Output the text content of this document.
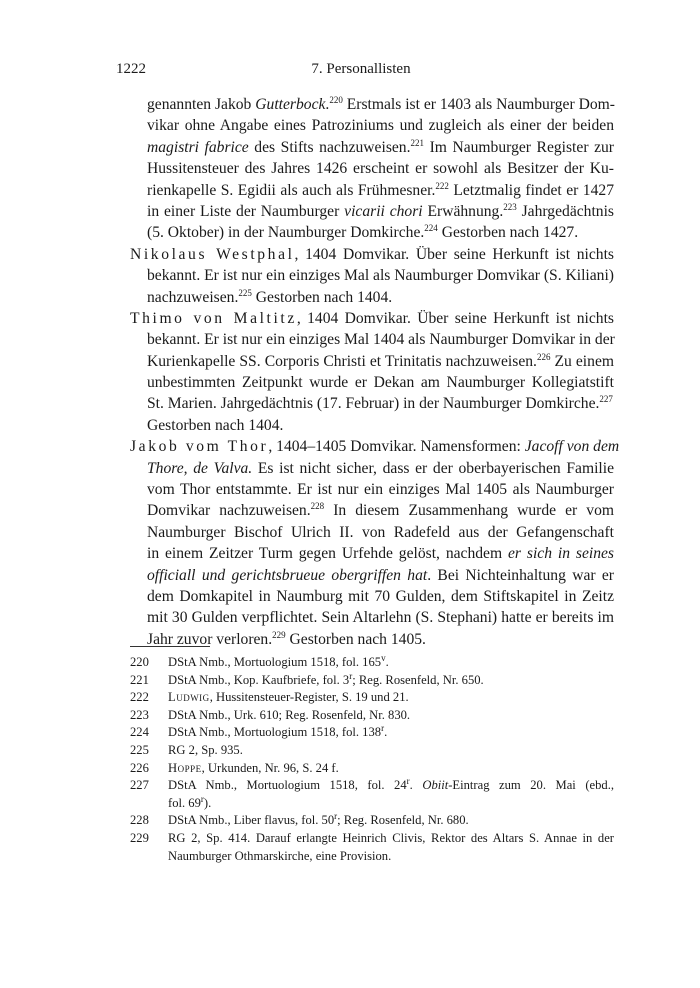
1222	7. Personallisten
genannten Jakob Gutterbock.$^{220}$ Erstmals ist er 1403 als Naumburger Dom-
vikar ohne Angabe eines Patroziniums und zugleich als einer der beiden
magistri fabrice des Stifts nachzuweisen.$^{221}$ Im Naumburger Register zur
Hussitensteuer des Jahres 1426 erscheint er sowohl als Besitzer der Ku-
rienkapelle S. Egidii als auch als Frühmesner.$^{222}$ Letztmalig findet er 1427
in einer Liste der Naumburger vicarii chori Erwähnung.$^{223}$ Jahrgedächtnis
(5. Oktober) in der Naumburger Domkirche.$^{224}$ Gestorben nach 1427.
Nikolaus Westphal, 1404 Domvikar. Über seine Herkunft ist nichts
bekannt. Er ist nur ein einziges Mal als Naumburger Domvikar (S. Kiliani)
nachzuweisen.$^{225}$ Gestorben nach 1404.
Thimo von Maltitz, 1404 Domvikar. Über seine Herkunft ist nichts
bekannt. Er ist nur ein einziges Mal 1404 als Naumburger Domvikar in der
Kurienkapelle SS. Corporis Christi et Trinitatis nachzuweisen.$^{226}$ Zu einem
unbestimmten Zeitpunkt wurde er Dekan am Naumburger Kollegiatstift
St. Marien. Jahrgedächtnis (17. Februar) in der Naumburger Domkirche.$^{227}$
Gestorben nach 1404.
Jakob vom Thor, 1404–1405 Domvikar. Namensformen: Jacoff von dem
Thore, de Valva. Es ist nicht sicher, dass er der oberbayerischen Familie
vom Thor entstammte. Er ist nur ein einziges Mal 1405 als Naumburger
Domvikar nachzuweisen.$^{228}$ In diesem Zusammenhang wurde er vom
Naumburger Bischof Ulrich II. von Radefeld aus der Gefangenschaft
in einem Zeitzer Turm gegen Urfehde gelöst, nachdem er sich in seines
officiall und gerichtsbrueue obergriffen hat. Bei Nichteinhaltung war er
dem Domkapitel in Naumburg mit 70 Gulden, dem Stiftskapitel in Zeitz
mit 30 Gulden verpflichtet. Sein Altarlehn (S. Stephani) hatte er bereits im
Jahr zuvor verloren.$^{229}$ Gestorben nach 1405.
220	DStA Nmb., Mortuologium 1518, fol. 165$^v$.
221	DStA Nmb., Kop. Kaufbriefe, fol. 3$^r$; Reg. Rosenfeld, Nr. 650.
222	Ludwig, Hussitensteuer-Register, S. 19 und 21.
223	DStA Nmb., Urk. 610; Reg. Rosenfeld, Nr. 830.
224	DStA Nmb., Mortuologium 1518, fol. 138$^r$.
225	RG 2, Sp. 935.
226	Hoppe, Urkunden, Nr. 96, S. 24 f.
227	DStA Nmb., Mortuologium 1518, fol. 24$^r$. Obiit-Eintrag zum 20. Mai (ebd.,
fol. 69$^r$).
228	DStA Nmb., Liber flavus, fol. 50$^r$; Reg. Rosenfeld, Nr. 680.
229	RG 2, Sp. 414. Darauf erlangte Heinrich Clivis, Rektor des Altars S. Annae in der
Naumburger Othmarskirche, eine Provision.
